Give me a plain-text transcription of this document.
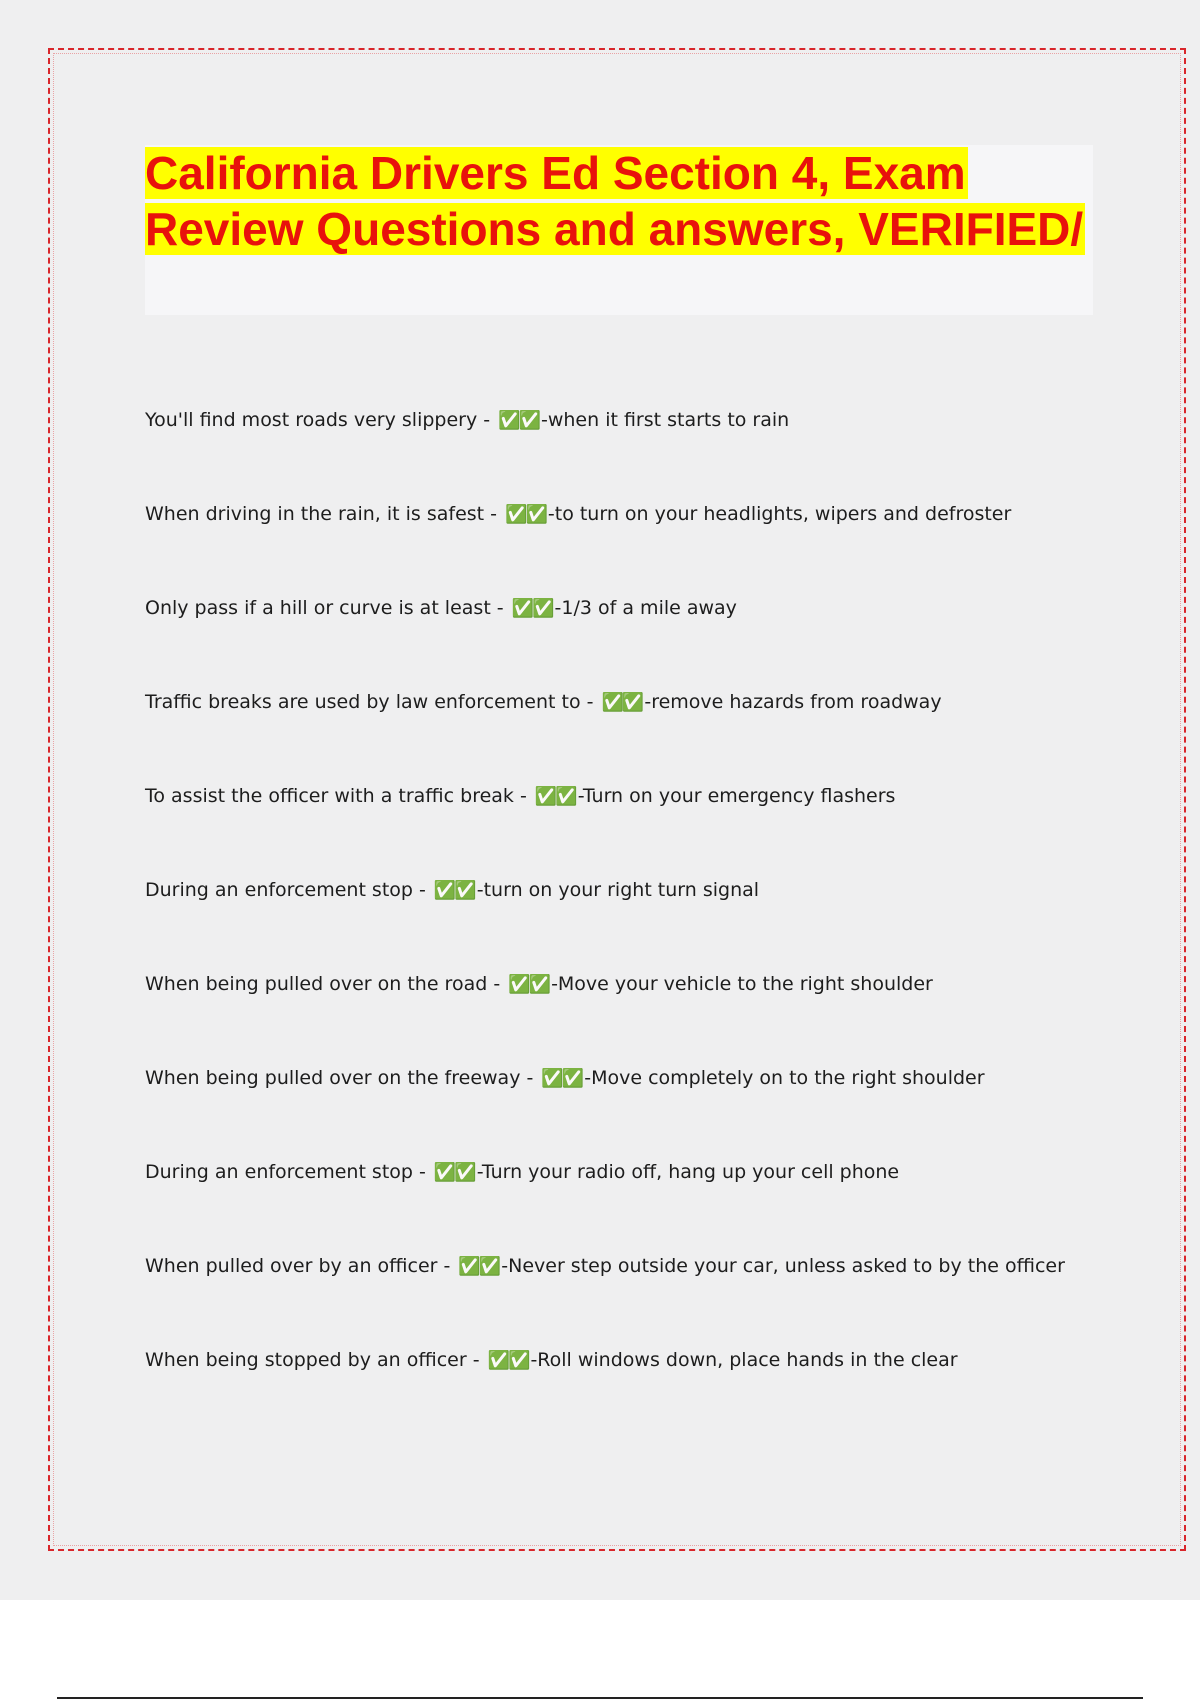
California Drivers Ed Section 4, Exam Review Questions and answers, VERIFIED/
You'll find most roads very slippery - ✅✅ -when it first starts to rain
When driving in the rain, it is safest - ✅✅ -to turn on your headlights, wipers and defroster
Only pass if a hill or curve is at least - ✅✅ -1/3 of a mile away
Traffic breaks are used by law enforcement to - ✅✅ -remove hazards from roadway
To assist the officer with a traffic break - ✅✅ -Turn on your emergency flashers
During an enforcement stop - ✅✅ -turn on your right turn signal
When being pulled over on the road - ✅✅ -Move your vehicle to the right shoulder
When being pulled over on the freeway - ✅✅ -Move completely on to the right shoulder
During an enforcement stop - ✅✅ -Turn your radio off, hang up your cell phone
When pulled over by an officer - ✅✅ -Never step outside your car, unless asked to by the officer
When being stopped by an officer - ✅✅ -Roll windows down, place hands in the clear
